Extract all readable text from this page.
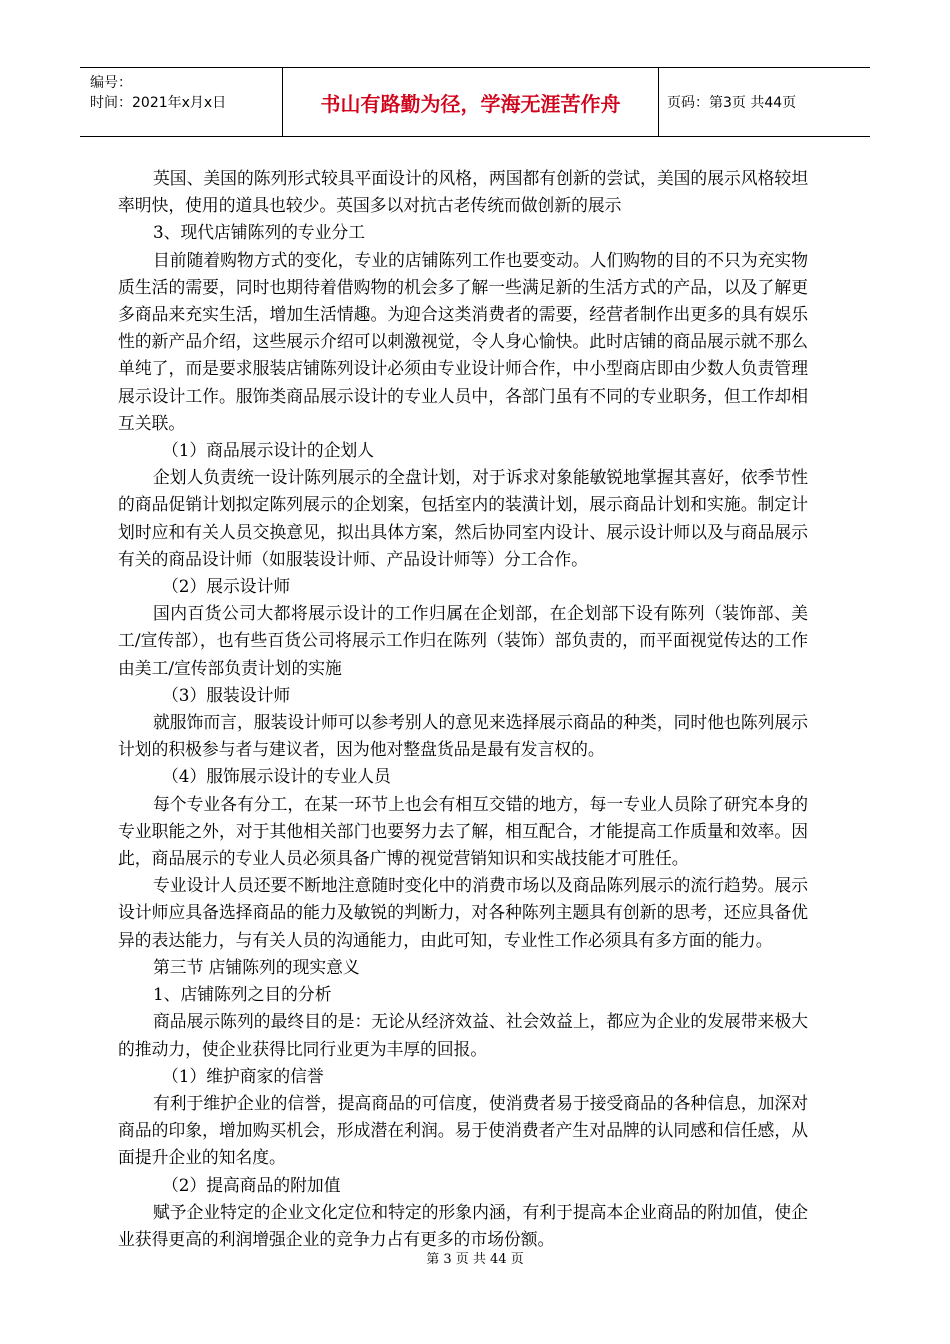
编号：
时间：2021年x月x日	书山有路勤为径，学海无涯苦作舟	页码：第3页 共44页

英国、美国的陈列形式较具平面设计的风格，两国都有创新的尝试，美国的展示风格较坦率明快，使用的道具也较少。英国多以对抗古老传统而做创新的展示

3、现代店铺陈列的专业分工

目前随着购物方式的变化，专业的店铺陈列工作也要变动。人们购物的目的不只为充实物质生活的需要，同时也期待着借购物的机会多了解一些满足新的生活方式的产品，以及了解更多商品来充实生活，增加生活情趣。为迎合这类消费者的需要，经营者制作出更多的具有娱乐性的新产品介绍，这些展示介绍可以刺激视觉，令人身心愉快。此时店铺的商品展示就不那么单纯了，而是要求服装店铺陈列设计必须由专业设计师合作，中小型商店即由少数人负责管理展示设计工作。服饰类商品展示设计的专业人员中，各部门虽有不同的专业职务，但工作却相互关联。

（1）商品展示设计的企划人

企划人负责统一设计陈列展示的全盘计划，对于诉求对象能敏锐地掌握其喜好，依季节性的商品促销计划拟定陈列展示的企划案，包括室内的装潢计划，展示商品计划和实施。制定计划时应和有关人员交换意见，拟出具体方案，然后协同室内设计、展示设计师以及与商品展示有关的商品设计师（如服装设计师、产品设计师等）分工合作。

（2）展示设计师

国内百货公司大都将展示设计的工作归属在企划部，在企划部下设有陈列（装饰部、美工/宣传部），也有些百货公司将展示工作归在陈列（装饰）部负责的，而平面视觉传达的工作由美工/宣传部负责计划的实施

（3）服装设计师

就服饰而言，服装设计师可以参考别人的意见来选择展示商品的种类，同时他也陈列展示计划的积极参与者与建议者，因为他对整盘货品是最有发言权的。

（4）服饰展示设计的专业人员

每个专业各有分工，在某一环节上也会有相互交错的地方，每一专业人员除了研究本身的专业职能之外，对于其他相关部门也要努力去了解，相互配合，才能提高工作质量和效率。因此，商品展示的专业人员必须具备广博的视觉营销知识和实战技能才可胜任。

专业设计人员还要不断地注意随时变化中的消费市场以及商品陈列展示的流行趋势。展示设计师应具备选择商品的能力及敏锐的判断力，对各种陈列主题具有创新的思考，还应具备优异的表达能力，与有关人员的沟通能力，由此可知，专业性工作必须具有多方面的能力。

第三节 店铺陈列的现实意义

1、店铺陈列之目的分析

商品展示陈列的最终目的是：无论从经济效益、社会效益上，都应为企业的发展带来极大的推动力，使企业获得比同行业更为丰厚的回报。

（1）维护商家的信誉

有利于维护企业的信誉，提高商品的可信度，使消费者易于接受商品的各种信息，加深对商品的印象，增加购买机会，形成潜在利润。易于使消费者产生对品牌的认同感和信任感，从面提升企业的知名度。

（2）提高商品的附加值

赋予企业特定的企业文化定位和特定的形象内涵，有利于提高本企业商品的附加值，使企业获得更高的利润增强企业的竞争力占有更多的市场份额。

第 3 页 共 44 页
